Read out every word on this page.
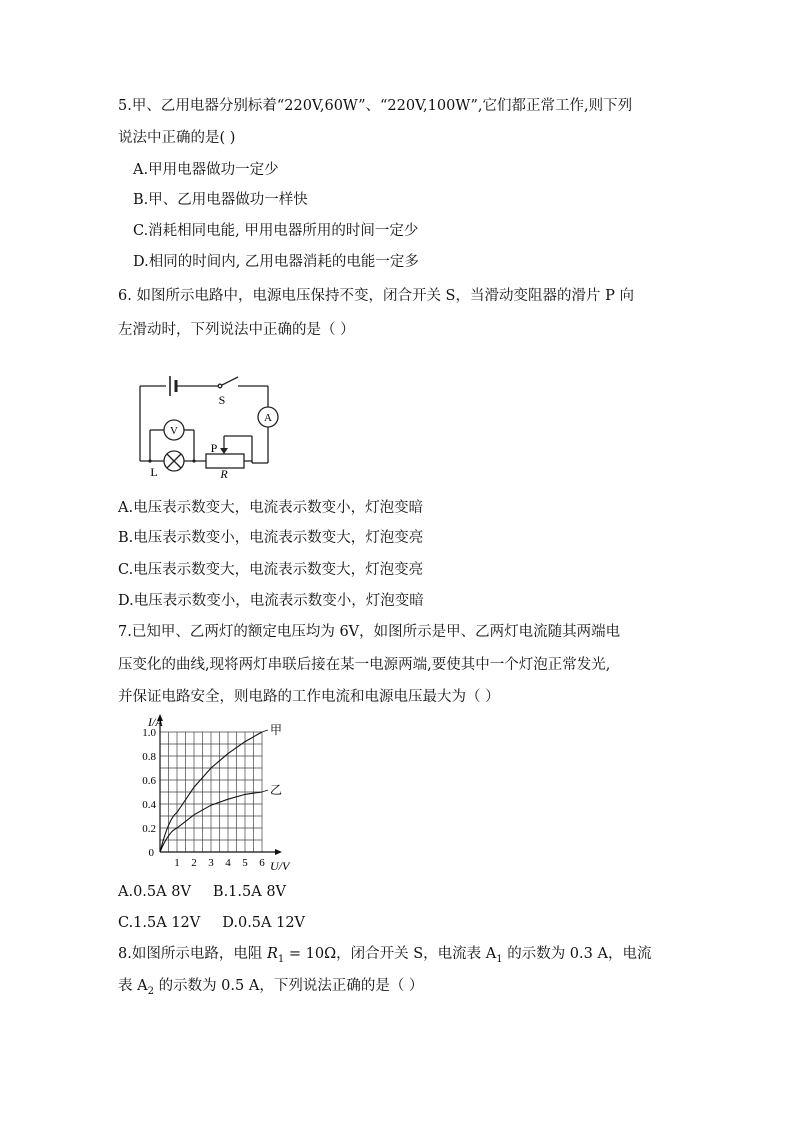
5.甲、乙用电器分别标着“220V,60W”、“220V,100W”,它们都正常工作,则下列
说法中正确的是( )
A.甲用电器做功一定少
B.甲、乙用电器做功一样快
C.消耗相同电能, 甲用电器所用的时间一定少
D.相同的时间内, 乙用电器消耗的电能一定多
6. 如图所示电路中，电源电压保持不变，闭合开关 S，当滑动变阻器的滑片 P 向
左滑动时，下列说法中正确的是（ ）
S
A
V
L
P
R
A.电压表示数变大，电流表示数变小，灯泡变暗
B.电压表示数变小，电流表示数变大，灯泡变亮
C.电压表示数变大，电流表示数变大，灯泡变亮
D.电压表示数变小，电流表示数变小，灯泡变暗
7.已知甲、乙两灯的额定电压均为 6V，如图所示是甲、乙两灯电流随其两端电
压变化的曲线,现将两灯串联后接在某一电源两端,要使其中一个灯泡正常发光,
并保证电路安全，则电路的工作电流和电源电压最大为（ ）
1 2 3 4 5 6
0
0.2
0.4
0.6
0.8
1.0
I/A
U/V
甲
乙
A.0.5A 8V B.1.5A 8V
C.1.5A 12V D.0.5A 12V
8.如图所示电路，电阻 $R_1 = 10\Omega$，闭合开关 S，电流表 $A_1$ 的示数为 0.3 A，电流
表 $A_2$ 的示数为 0.5 A，下列说法正确的是（ ）
